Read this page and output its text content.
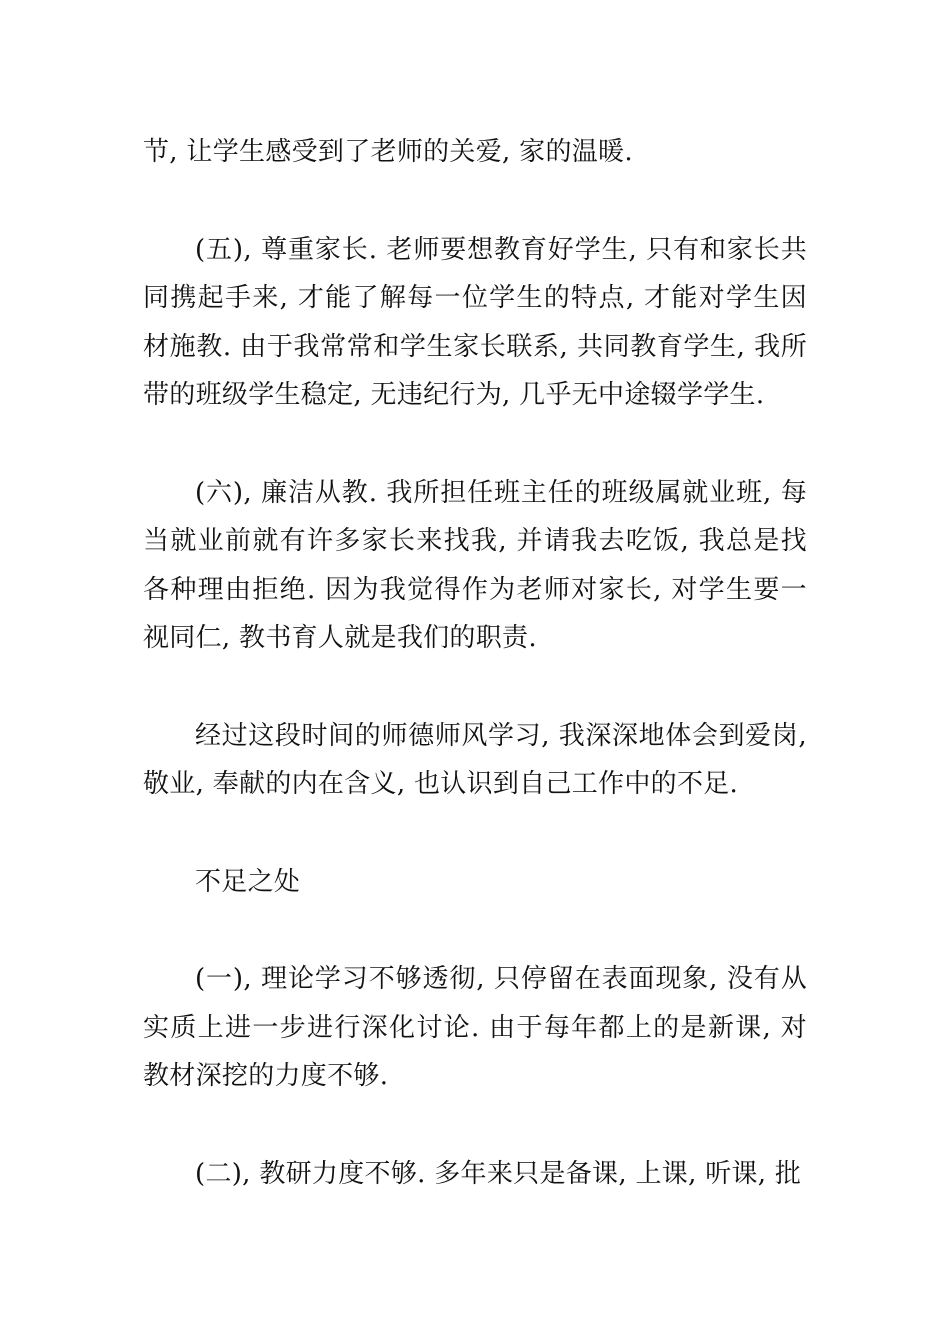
节, 让学生感受到了老师的关爱, 家的温暖.

(五), 尊重家长. 老师要想教育好学生, 只有和家长共同携起手来, 才能了解每一位学生的特点, 才能对学生因材施教. 由于我常常和学生家长联系, 共同教育学生, 我所带的班级学生稳定, 无违纪行为, 几乎无中途辍学学生.

(六), 廉洁从教. 我所担任班主任的班级属就业班, 每当就业前就有许多家长来找我, 并请我去吃饭, 我总是找各种理由拒绝. 因为我觉得作为老师对家长, 对学生要一视同仁, 教书育人就是我们的职责.

经过这段时间的师德师风学习, 我深深地体会到爱岗, 敬业, 奉献的内在含义, 也认识到自己工作中的不足.

不足之处

(一), 理论学习不够透彻, 只停留在表面现象, 没有从实质上进一步进行深化讨论. 由于每年都上的是新课, 对教材深挖的力度不够.

(二), 教研力度不够. 多年来只是备课, 上课, 听课, 批
